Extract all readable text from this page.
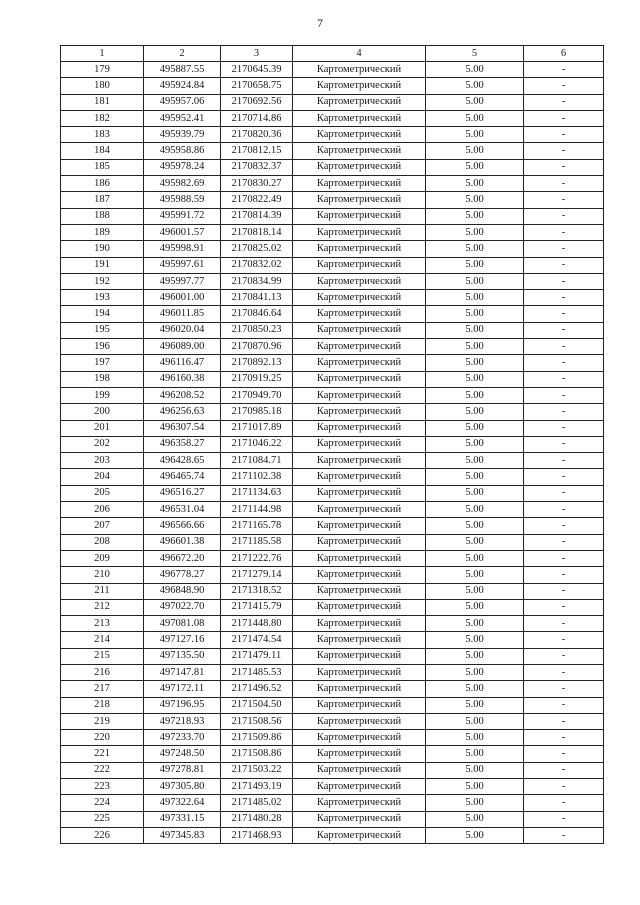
7
1	2	3	4	5	6
179	495887.55	2170645.39	Картометрический	5.00	-
180	495924.84	2170658.75	Картометрический	5.00	-
181	495957.06	2170692.56	Картометрический	5.00	-
182	495952.41	2170714.86	Картометрический	5.00	-
183	495939.79	2170820.36	Картометрический	5.00	-
184	495958.86	2170812.15	Картометрический	5.00	-
185	495978.24	2170832.37	Картометрический	5.00	-
186	495982.69	2170830.27	Картометрический	5.00	-
187	495988.59	2170822.49	Картометрический	5.00	-
188	495991.72	2170814.39	Картометрический	5.00	-
189	496001.57	2170818.14	Картометрический	5.00	-
190	495998.91	2170825.02	Картометрический	5.00	-
191	495997.61	2170832.02	Картометрический	5.00	-
192	495997.77	2170834.99	Картометрический	5.00	-
193	496001.00	2170841.13	Картометрический	5.00	-
194	496011.85	2170846.64	Картометрический	5.00	-
195	496020.04	2170850.23	Картометрический	5.00	-
196	496089.00	2170870.96	Картометрический	5.00	-
197	496116.47	2170892.13	Картометрический	5.00	-
198	496160.38	2170919.25	Картометрический	5.00	-
199	496208.52	2170949.70	Картометрический	5.00	-
200	496256.63	2170985.18	Картометрический	5.00	-
201	496307.54	2171017.89	Картометрический	5.00	-
202	496358.27	2171046.22	Картометрический	5.00	-
203	496428.65	2171084.71	Картометрический	5.00	-
204	496465.74	2171102.38	Картометрический	5.00	-
205	496516.27	2171134.63	Картометрический	5.00	-
206	496531.04	2171144.98	Картометрический	5.00	-
207	496566.66	2171165.78	Картометрический	5.00	-
208	496601.38	2171185.58	Картометрический	5.00	-
209	496672.20	2171222.76	Картометрический	5.00	-
210	496778.27	2171279.14	Картометрический	5.00	-
211	496848.90	2171318.52	Картометрический	5.00	-
212	497022.70	2171415.79	Картометрический	5.00	-
213	497081.08	2171448.80	Картометрический	5.00	-
214	497127.16	2171474.54	Картометрический	5.00	-
215	497135.50	2171479.11	Картометрический	5.00	-
216	497147.81	2171485.53	Картометрический	5.00	-
217	497172.11	2171496.52	Картометрический	5.00	-
218	497196.95	2171504.50	Картометрический	5.00	-
219	497218.93	2171508.56	Картометрический	5.00	-
220	497233.70	2171509.86	Картометрический	5.00	-
221	497248.50	2171508.86	Картометрический	5.00	-
222	497278.81	2171503.22	Картометрический	5.00	-
223	497305.80	2171493.19	Картометрический	5.00	-
224	497322.64	2171485.02	Картометрический	5.00	-
225	497331.15	2171480.28	Картометрический	5.00	-
226	497345.83	2171468.93	Картометрический	5.00	-
